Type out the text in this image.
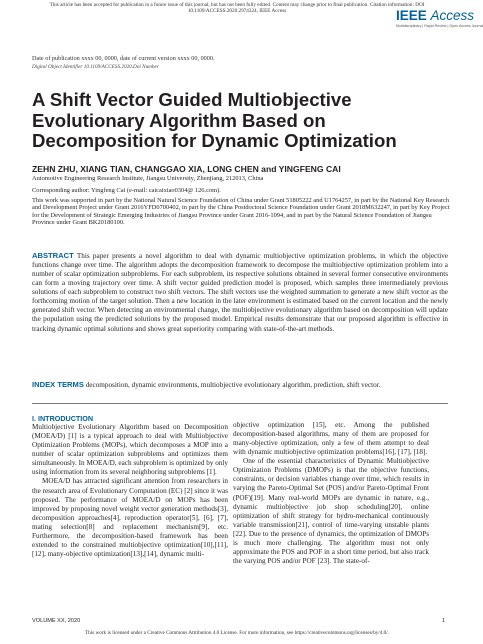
This article has been accepted for publication in a future issue of this journal, but has not been fully edited. Content may change prior to final publication. Citation information: DOI
10.1109/ACCESS.2020.2974324, IEEE Access	IEEE Access
Multidisciplinary | Rapid Review | Open Access Journal
Date of publication xxxx 00, 0000, date of current version xxxx 00, 0000.
Digital Object Identifier 10.1109/ACCESS.2020.Doi Number
A Shift Vector Guided Multiobjective Evolutionary Algorithm Based on Decomposition for Dynamic Optimization
ZEHN ZHU, XIANG TIAN, CHANGGAO XIA, LONG CHEN and YINGFENG CAI
Automotive Engineering Research Institute, Jiangsu University, Zhenjiang, 212013, China
Corresponding author: Yingfeng Cai (e-mail: caicaixiao0304@ 126.com).
This work was supported in part by the National Natural Science Foundation of China under Grant 51805222 and U1764257, in part by the National Key Research and Development Project under Grant 2016YFD0700402, in part by the China Postdoctoral Science Foundation under Grant 2018M632247, in part by Key Project for the Development of Strategic Emerging Industries of Jiangsu Province under Grant 2016-1094, and in part by the Natural Science Foundation of Jiangsu Province under Grant BK20180100.
ABSTRACT This paper presents a novel algorithm to deal with dynamic multiobjective optimization problems, in which the objective functions change over time. The algorithm adopts the decomposition framework to decompose the multiobjective optimization problem into a number of scalar optimization subproblems. For each subproblem, its respective solutions obtained in several former consecutive environments can form a moving trajectory over time. A shift vector guided prediction model is proposed, which samples three intermediately previous solutions of each subproblem to construct two shift vectors. The shift vectors use the weighted summation to generate a new shift vector as the forthcoming motion of the target solution. Then a new location in the later environment is estimated based on the current location and the newly generated shift vector. When detecting an environmental change, the multiobjective evolutionary algorithm based on decomposition will update the population using the predicted solutions by the proposed model. Empirical results demonstrate that our proposed algorithm is effective in tracking dynamic optimal solutions and shows great superiority comparing with state-of-the-art methods.
INDEX TERMS decomposition, dynamic environments, multiobjective evolutionary algorithm, prediction, shift vector.
I. INTRODUCTION

Multiobjective Evolutionary Algorithm based on Decomposition (MOEA/D) [1] is a typical approach to deal with Multiobjective Optimization Problems (MOPs), which decomposes a MOP into a number of scalar optimization subproblems and optimizes them simultaneously. In MOEA/D, each subproblem is optimized by only using information from its several neighboring subproblems [1].

MOEA/D has attracted significant attention from researchers in the research area of Evolutionary Computation (EC) [2] since it was proposed. The performance of MOEA/D on MOPs has been improved by proposing novel weight vector generation methods[3], decomposition approaches[4], reproduction operator[5], [6], [7], mating selection[8] and replacement mechanism[9], etc. Furthermore, the decomposition-based framework has been extended to the constrained multiobjective optimization[10],[11],[12], many-objective optimization[13],[14], dynamic multi-

objective optimization [15], etc. Among the published decomposition-based algorithms, many of them are proposed for many-objective optimization, only a few of them attempt to deal with dynamic multiobjective optimization problems[16], [17], [18].

One of the essential characteristics of Dynamic Multiobjective Optimization Problems (DMOPs) is that the objective functions, constraints, or decision variables change over time, which results in varying the Pareto-Optimal Set (POS) and/or Pareto-Optimal Front (POF)[19]. Many real-world MOPs are dynamic in nature, e.g., dynamic multiobjective job shop scheduling[20], online optimization of shift strategy for hydro-mechanical continuously variable transmission[21], control of time-varying unstable plants [22]. Due to the presence of dynamics, the optimization of DMOPs is much more challenging. The algorithm must not only approximate the POS and POF in a short time period, but also track the varying POS and/or POF [23]. The state-of-

VOLUME XX, 2020	1
This work is licensed under a Creative Commons Attribution 4.0 License. For more information, see https://creativecommons.org/licenses/by/4.0/.
